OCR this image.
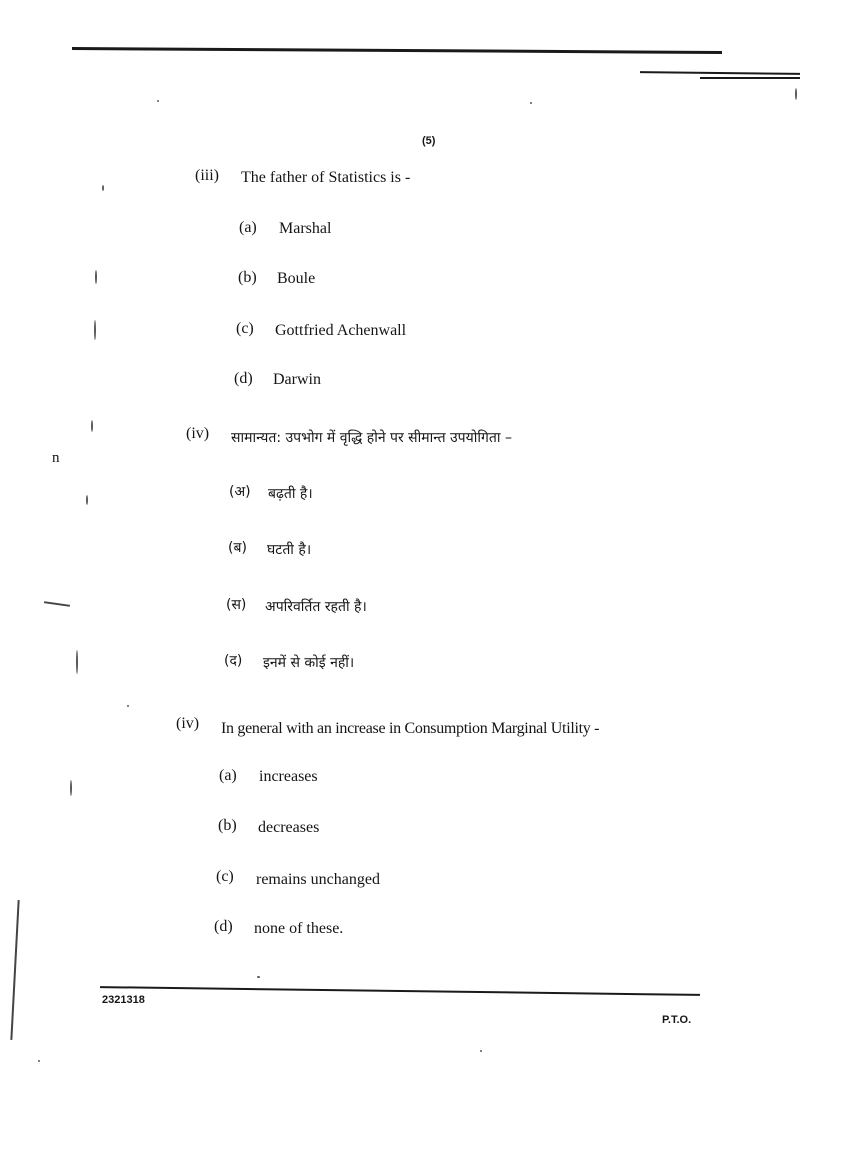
(5)
(iii) The father of Statistics is -
(a) Marshal
(b) Boule
(c) Gottfried Achenwall
(d) Darwin
(iv) सामान्यत: उपभोग में वृद्धि होने पर सीमान्त उपयोगिता –
(अ) बढ़ती है।
(ब) घटती है।
(स) अपरिवर्तित रहती है।
(द) इनमें से कोई नहीं।
(iv) In general with an increase in Consumption Marginal Utility -
(a) increases
(b) decreases
(c) remains unchanged
(d) none of these.
n
2321318
P.T.O.
